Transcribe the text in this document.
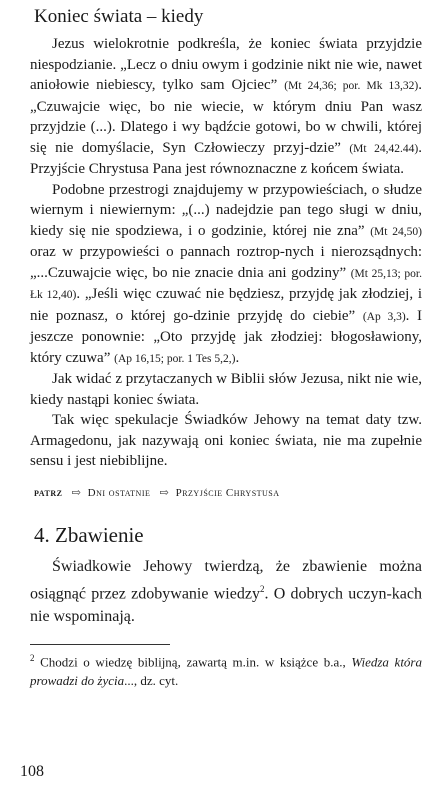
Koniec świata – kiedy

Jezus wielokrotnie podkreśla, że koniec świata przyjdzie niespodzianie. „Lecz o dniu owym i godzinie nikt nie wie, nawet aniołowie niebiescy, tylko sam Ojciec” (Mt 24,36; por. Mk 13,32). „Czuwajcie więc, bo nie wiecie, w którym dniu Pan wasz przyjdzie (...). Dlatego i wy bądźcie gotowi, bo w chwili, której się nie domyślacie, Syn Człowieczy przyj-dzie” (Mt 24,42.44). Przyjście Chrystusa Pana jest równoznaczne z końcem świata.

Podobne przestrogi znajdujemy w przypowieściach, o słudze wiernym i niewiernym: „(...) nadejdzie pan tego sługi w dniu, kiedy się nie spodziewa, i o godzinie, której nie zna” (Mt 24,50) oraz w przypowieści o pannach roztrop-nych i nierozsądnych: „...Czuwajcie więc, bo nie znacie dnia ani godziny” (Mt 25,13; por. Łk 12,40). „Jeśli więc czuwać nie będziesz, przyjdę jak złodziej, i nie poznasz, o której go-dzinie przyjdę do ciebie” (Ap 3,3). I jeszcze ponownie: „Oto przyjdę jak złodziej: błogosławiony, który czuwa” (Ap 16,15; por. 1 Tes 5,2,).

Jak widać z przytaczanych w Biblii słów Jezusa, nikt nie wie, kiedy nastąpi koniec świata.

Tak więc spekulacje Świadków Jehowy na temat daty tzw. Armagedonu, jak nazywają oni koniec świata, nie ma zupełnie sensu i jest niebiblijne.

patrz ⇨ Dni ostatnie ⇨ Przyjście Chrystusa
4. Zbawienie

Świadkowie Jehowy twierdzą, że zbawienie można osiągnąć przez zdobywanie wiedzy$^2$. O dobrych uczyn-kach nie wspominają.

$^2$ Chodzi o wiedzę biblijną, zawartą m.in. w książce b.a., Wiedza która prowadzi do życia..., dz. cyt.

108
